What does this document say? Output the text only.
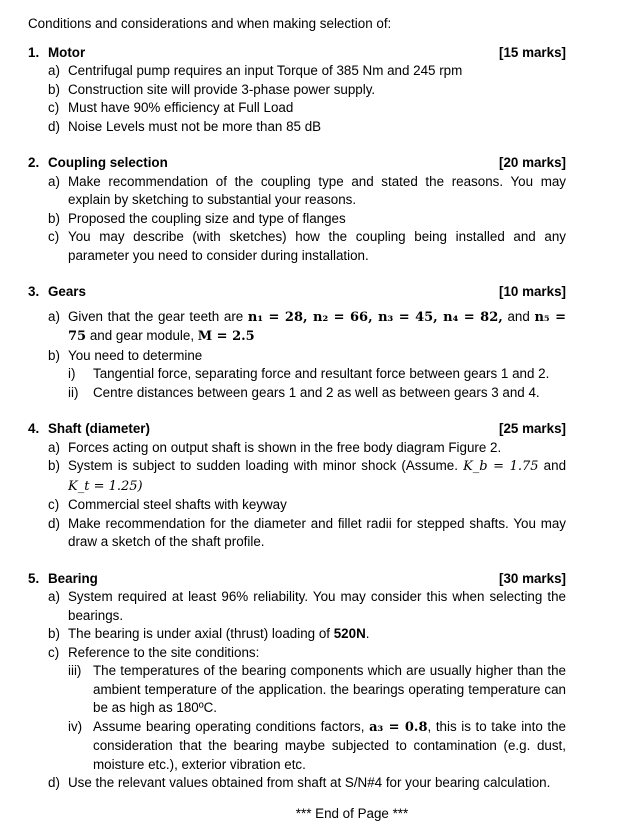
Conditions and considerations and when making selection of:
1. Motor	[15 marks]
a) Centrifugal pump requires an input Torque of 385 Nm and 245 rpm
b) Construction site will provide 3-phase power supply.
c) Must have 90% efficiency at Full Load
d) Noise Levels must not be more than 85 dB
2. Coupling selection	[20 marks]
a) Make recommendation of the coupling type and stated the reasons. You may explain by sketching to substantial your reasons.
b) Proposed the coupling size and type of flanges
c) You may describe (with sketches) how the coupling being installed and any parameter you need to consider during installation.
3. Gears	[10 marks]
a) Given that the gear teeth are n₁ = 28, n₂ = 66, n₃ = 45, n₄ = 82, and n₅ = 75 and gear module, M = 2.5
b) You need to determine
i)	Tangential force, separating force and resultant force between gears 1 and 2.
ii)	Centre distances between gears 1 and 2 as well as between gears 3 and 4.
4. Shaft (diameter)	[25 marks]
a) Forces acting on output shaft is shown in the free body diagram Figure 2.
b) System is subject to sudden loading with minor shock (Assume. K_b = 1.75 and K_t = 1.25)
c) Commercial steel shafts with keyway
d) Make recommendation for the diameter and fillet radii for stepped shafts. You may draw a sketch of the shaft profile.
5. Bearing	[30 marks]
a) System required at least 96% reliability. You may consider this when selecting the bearings.
b) The bearing is under axial (thrust) loading of 520N.
c) Reference to the site conditions:
iii) The temperatures of the bearing components which are usually higher than the ambient temperature of the application. the bearings operating temperature can be as high as 180ºC.
iv) Assume bearing operating conditions factors, a₃ = 0.8, this is to take into the consideration that the bearing maybe subjected to contamination (e.g. dust, moisture etc.), exterior vibration etc.
d) Use the relevant values obtained from shaft at S/N#4 for your bearing calculation.
*** End of Page ***
